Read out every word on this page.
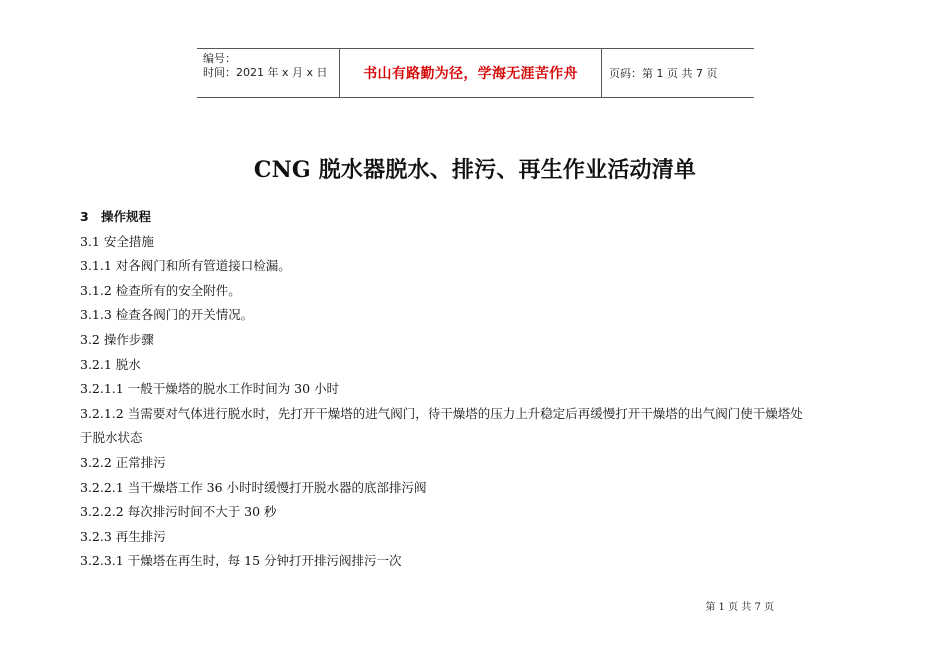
编号：
时间：2021 年 x 月 x 日	书山有路勤为径，学海无涯苦作舟	页码：第 1 页 共 7 页
CNG 脱水器脱水、排污、再生作业活动清单

3 操作规程

3.1 安全措施

3.1.1 对各阀门和所有管道接口检漏。

3.1.2 检查所有的安全附件。

3.1.3 检查各阀门的开关情况。

3.2 操作步骤

3.2.1 脱水

3.2.1.1 一般干燥塔的脱水工作时间为 30 小时

3.2.1.2 当需要对气体进行脱水时，先打开干燥塔的进气阀门，待干燥塔的压力上升稳定后再缓慢打开干燥塔的出气阀门使干燥塔处

于脱水状态

3.2.2 正常排污

3.2.2.1 当干燥塔工作 36 小时时缓慢打开脱水器的底部排污阀

3.2.2.2 每次排污时间不大于 30 秒

3.2.3 再生排污

3.2.3.1 干燥塔在再生时，每 15 分钟打开排污阀排污一次

第 1 页 共 7 页
